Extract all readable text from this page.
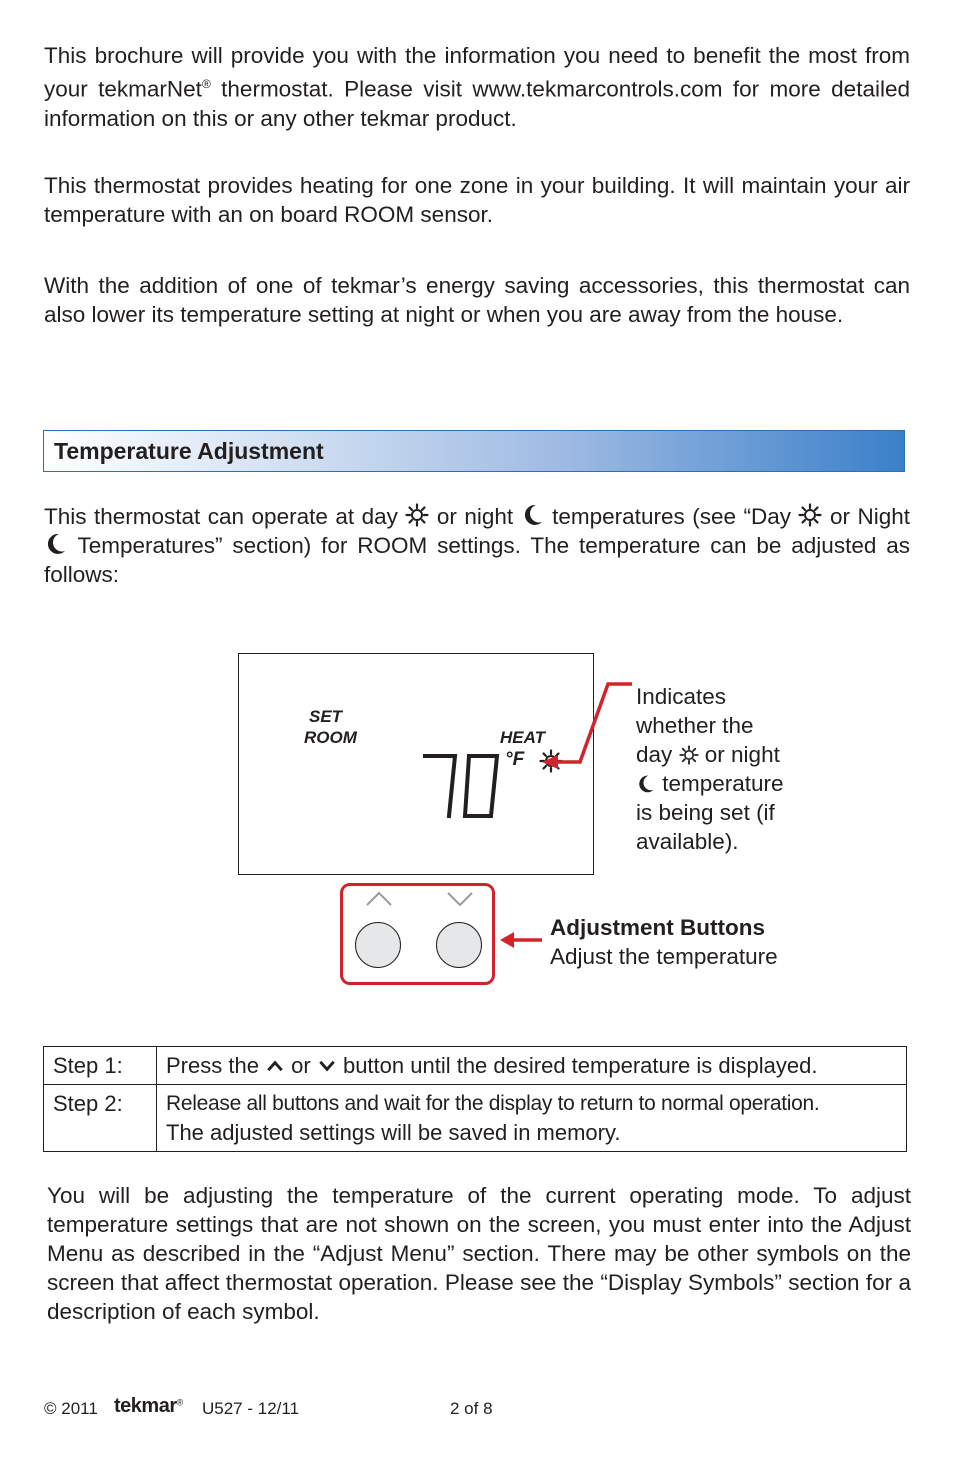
This brochure will provide you with the information you need to benefit the most from your tekmarNet® thermostat. Please visit www.tekmarcontrols.com for more detailed information on this or any other tekmar product.

This thermostat provides heating for one zone in your building. It will maintain your air temperature with an on board ROOM sensor.

With the addition of one of tekmar’s energy saving accessories, this thermostat can also lower its temperature setting at night or when you are away from the house.

Temperature Adjustment

This thermostat can operate at day  or night  temperatures (see “Day  or Night  Temperatures” section) for ROOM settings. The temperature can be adjusted as follows:

SET
ROOM	HEAT
°F
Indicates
whether the
day  or night
temperature
is being set (if
available).
Adjustment Buttons
Adjust the temperature
Step 1:	Press the  or  button until the desired temperature is displayed.
Step 2:	Release all buttons and wait for the display to return to normal operation.
The adjusted settings will be saved in memory.

You will be adjusting the temperature of the current operating mode. To adjust temperature settings that are not shown on the screen, you must enter into the Adjust Menu as described in the “Adjust Menu” section. There may be other symbols on the screen that affect thermostat operation. Please see the “Display Symbols” section for a description of each symbol.

© 2011 tekmar® U527 - 12/11	2 of 8
